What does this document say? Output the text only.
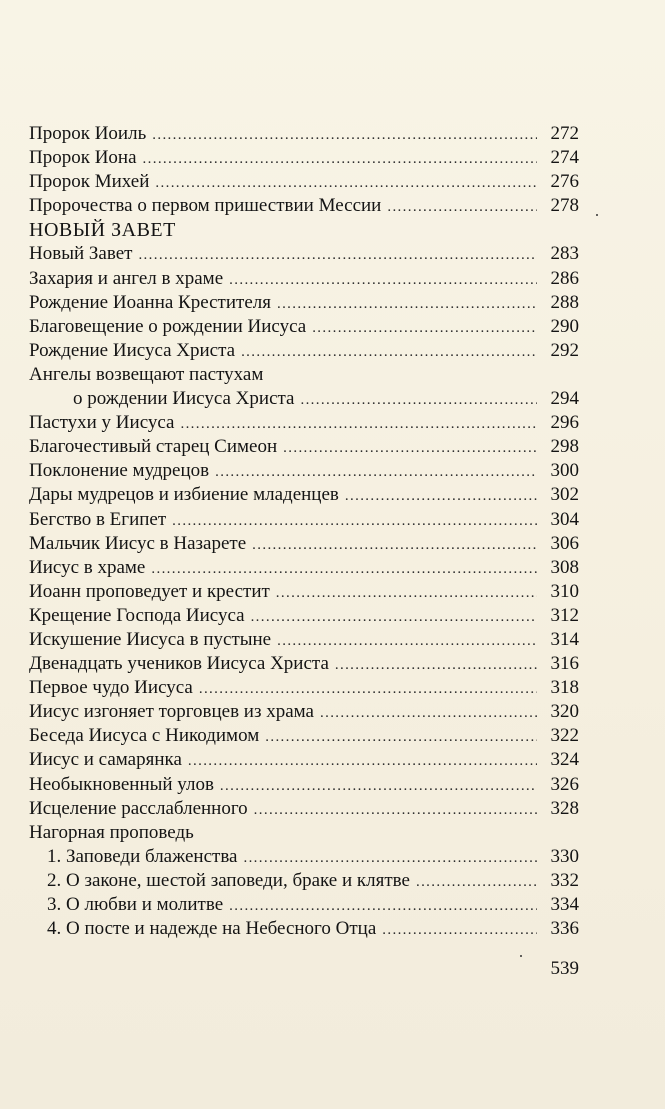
Пророк Иоиль . . .	272
Пророк Иона . . .	274
Пророк Михей . . .	276
Пророчества о первом пришествии Мессии . . .	278
НОВЫЙ ЗАВЕТ
Новый Завет . . .	283
Захария и ангел в храме . . .	286
Рождение Иоанна Крестителя . . .	288
Благовещение о рождении Иисуса . . .	290
Рождение Иисуса Христа . . .	292
Ангелы возвещают пастухам
о рождении Иисуса Христа . . .	294
Пастухи у Иисуса . . .	296
Благочестивый старец Симеон . . .	298
Поклонение мудрецов . . .	300
Дары мудрецов и избиение младенцев . . .	302
Бегство в Египет . . .	304
Мальчик Иисус в Назарете . . .	306
Иисус в храме . . .	308
Иоанн проповедует и крестит . . .	310
Крещение Господа Иисуса . . .	312
Искушение Иисуса в пустыне . . .	314
Двенадцать учеников Иисуса Христа . . .	316
Первое чудо Иисуса . . .	318
Иисус изгоняет торговцев из храма . . .	320
Беседа Иисуса с Никодимом . . .	322
Иисус и самарянка . . .	324
Необыкновенный улов . . .	326
Исцеление расслабленного . . .	328
Нагорная проповедь
1. Заповеди блаженства . . .	330
2. О законе, шестой заповеди, браке и клятве . . .	332
3. О любви и молитве . . .	334
4. О посте и надежде на Небесного Отца . . .	336
539
